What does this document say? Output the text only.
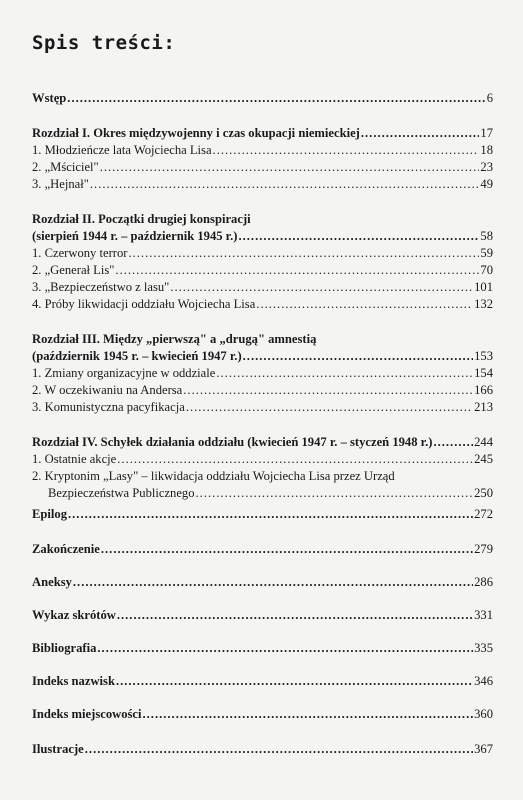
Spis treści:
Wstęp .....	6
Rozdział I. Okres międzywojenny i czas okupacji niemieckiej .....	17
1. Młodzieńcze lata Wojciecha Lisa .....	18
2. „Mściciel" .....	23
3. „Hejnał" .....	49
Rozdział II. Początki drugiej konspiracji
(sierpień 1944 r. – październik 1945 r.) .....	58
1. Czerwony terror .....	59
2. „Generał Lis" .....	70
3. „Bezpieczeństwo z lasu" .....	101
4. Próby likwidacji oddziału Wojciecha Lisa .....	132
Rozdział III. Między „pierwszą" a „drugą" amnestią
(październik 1945 r. – kwiecień 1947 r.) .....	153
1. Zmiany organizacyjne w oddziale .....	154
2. W oczekiwaniu na Andersa .....	166
3. Komunistyczna pacyfikacja .....	213
Rozdział IV. Schyłek działania oddziału (kwiecień 1947 r. – styczeń 1948 r.) .....	244
1. Ostatnie akcje .....	245
2. Kryptonim „Lasy" – likwidacja oddziału Wojciecha Lisa przez Urząd
Bezpieczeństwa Publicznego .....	250
Epilog .....	272
Zakończenie .....	279
Aneksy .....	286
Wykaz skrótów .....	331
Bibliografia .....	335
Indeks nazwisk .....	346
Indeks miejscowości .....	360
Ilustracje .....	367
